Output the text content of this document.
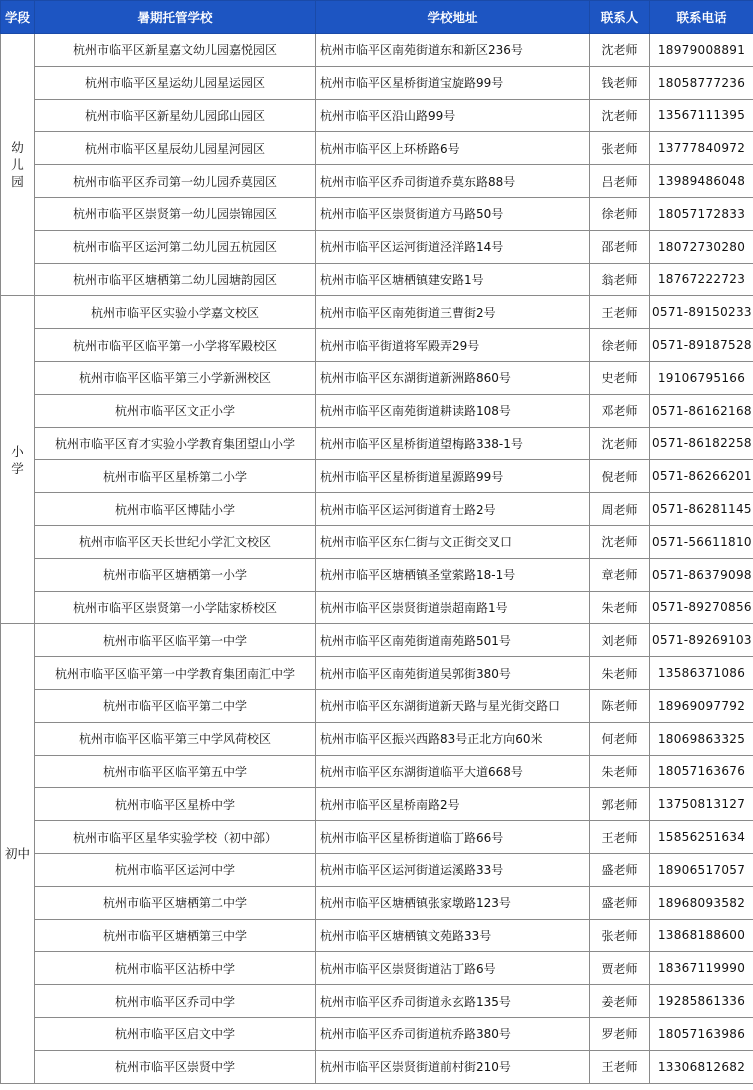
学段	暑期托管学校	学校地址	联系人	联系电话

幼
儿
园	杭州市临平区新星嘉文幼儿园嘉悦园区	杭州市临平区南苑街道东和新区236号	沈老师	18979008891
	杭州市临平区星运幼儿园星运园区	杭州市临平区星桥街道宝旋路99号	钱老师	18058777236
	杭州市临平区新星幼儿园邱山园区	杭州市临平区沿山路99号	沈老师	13567111395
	杭州市临平区星辰幼儿园星河园区	杭州市临平区上环桥路6号	张老师	13777840972
	杭州市临平区乔司第一幼儿园乔莫园区	杭州市临平区乔司街道乔莫东路88号	吕老师	13989486048
	杭州市临平区崇贤第一幼儿园崇锦园区	杭州市临平区崇贤街道方马路50号	徐老师	18057172833
	杭州市临平区运河第二幼儿园五杭园区	杭州市临平区运河街道泾洋路14号	邵老师	18072730280
	杭州市临平区塘栖第二幼儿园塘韵园区	杭州市临平区塘栖镇建安路1号	翁老师	18767222723

小
学	杭州市临平区实验小学嘉文校区	杭州市临平区南苑街道三曹街2号	王老师	0571-89150233
	杭州市临平区临平第一小学将军殿校区	杭州市临平街道将军殿弄29号	徐老师	0571-89187528
	杭州市临平区临平第三小学新洲校区	杭州市临平区东湖街道新洲路860号	史老师	19106795166
	杭州市临平区文正小学	杭州市临平区南苑街道耕读路108号	邓老师	0571-86162168
	杭州市临平区育才实验小学教育集团望山小学	杭州市临平区星桥街道望梅路338-1号	沈老师	0571-86182258
	杭州市临平区星桥第二小学	杭州市临平区星桥街道星源路99号	倪老师	0571-86266201
	杭州市临平区博陆小学	杭州市临平区运河街道育士路2号	周老师	0571-86281145
	杭州市临平区天长世纪小学汇文校区	杭州市临平区东仁街与文正街交叉口	沈老师	0571-56611810
	杭州市临平区塘栖第一小学	杭州市临平区塘栖镇圣堂萦路18-1号	章老师	0571-86379098
	杭州市临平区崇贤第一小学陆家桥校区	杭州市临平区崇贤街道崇超南路1号	朱老师	0571-89270856

初中	杭州市临平区临平第一中学	杭州市临平区南苑街道南苑路501号	刘老师	0571-89269103
	杭州市临平区临平第一中学教育集团南汇中学	杭州市临平区南苑街道吴郭街380号	朱老师	13586371086
	杭州市临平区临平第二中学	杭州市临平区东湖街道新天路与星光街交路口	陈老师	18969097792
	杭州市临平区临平第三中学风荷校区	杭州市临平区振兴西路83号正北方向60米	何老师	18069863325
	杭州市临平区临平第五中学	杭州市临平区东湖街道临平大道668号	朱老师	18057163676
	杭州市临平区星桥中学	杭州市临平区星桥南路2号	郭老师	13750813127
	杭州市临平区星华实验学校（初中部）	杭州市临平区星桥街道临丁路66号	王老师	15856251634
	杭州市临平区运河中学	杭州市临平区运河街道运溪路33号	盛老师	18906517057
	杭州市临平区塘栖第二中学	杭州市临平区塘栖镇张家墩路123号	盛老师	18968093582
	杭州市临平区塘栖第三中学	杭州市临平区塘栖镇文苑路33号	张老师	13868188600
	杭州市临平区沾桥中学	杭州市临平区崇贤街道沾丁路6号	贾老师	18367119990
	杭州市临平区乔司中学	杭州市临平区乔司街道永玄路135号	姜老师	19285861336
	杭州市临平区启文中学	杭州市临平区乔司街道杭乔路380号	罗老师	18057163986
	杭州市临平区崇贤中学	杭州市临平区崇贤街道前村街210号	王老师	13306812682
